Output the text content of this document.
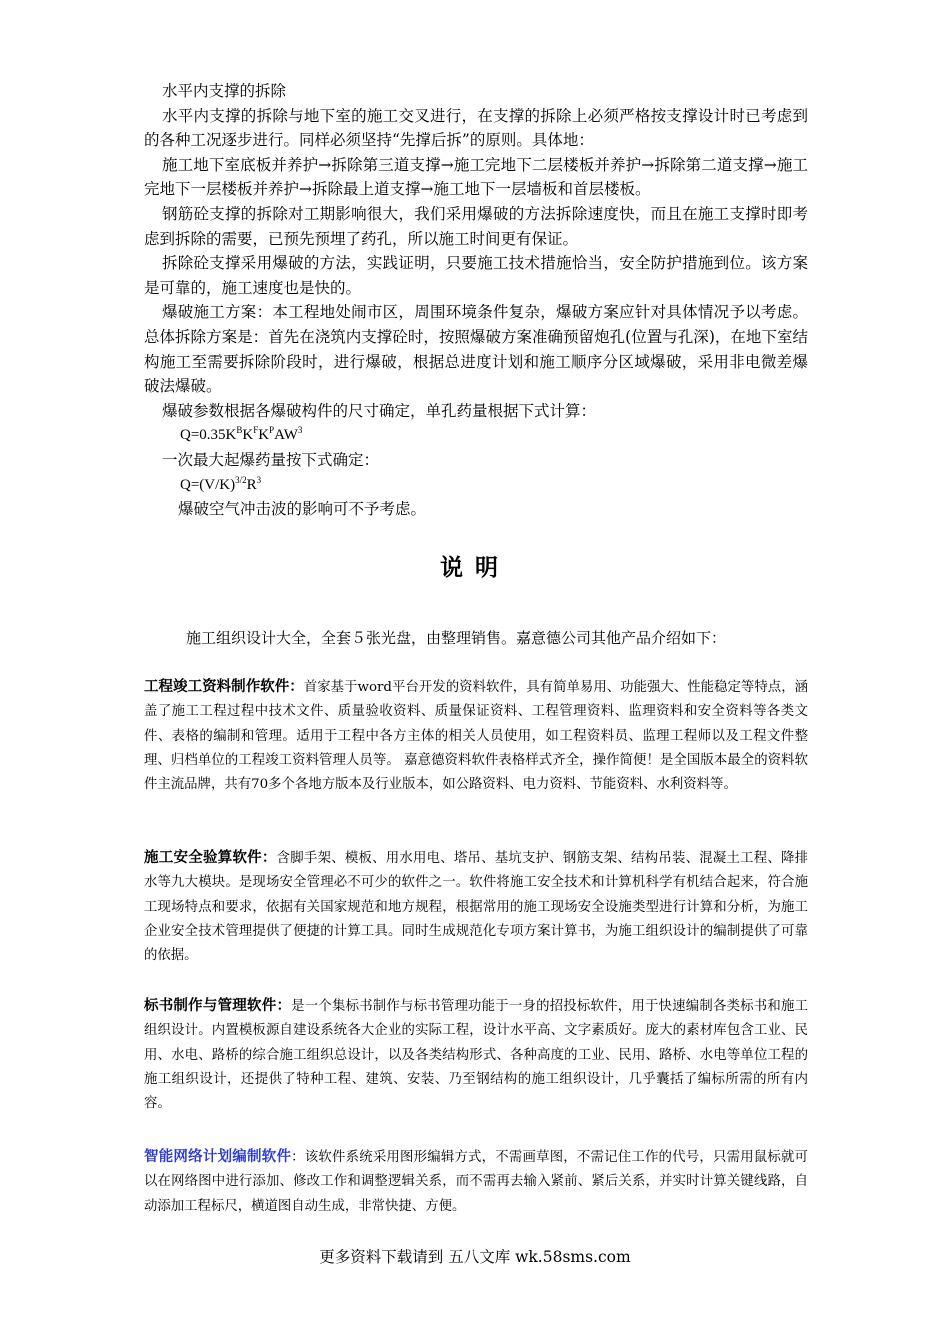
水平内支撑的拆除

水平内支撑的拆除与地下室的施工交叉进行，在支撑的拆除上必须严格按支撑设计时已考虑到的各种工况逐步进行。同样必须坚持“先撑后拆”的原则。具体地：

施工地下室底板并养护→拆除第三道支撑→施工完地下二层楼板并养护→拆除第二道支撑→施工完地下一层楼板并养护→拆除最上道支撑→施工地下一层墙板和首层楼板。

钢筋砼支撑的拆除对工期影响很大，我们采用爆破的方法拆除速度快，而且在施工支撑时即考虑到拆除的需要，已预先预埋了药孔，所以施工时间更有保证。

拆除砼支撑采用爆破的方法，实践证明，只要施工技术措施恰当，安全防护措施到位。该方案是可靠的，施工速度也是快的。

爆破施工方案：本工程地处闹市区，周围环境条件复杂，爆破方案应针对具体情况予以考虑。总体拆除方案是：首先在浇筑内支撑砼时，按照爆破方案准确预留炮孔(位置与孔深)，在地下室结构施工至需要拆除阶段时，进行爆破，根据总进度计划和施工顺序分区域爆破，采用非电微差爆破法爆破。

爆破参数根据各爆破构件的尺寸确定，单孔药量根据下式计算：

$Q=0.35K^BK^FK^PAW^3$

一次最大起爆药量按下式确定：

$Q=(V/K)^{3/2}R^3$

爆破空气冲击波的影响可不予考虑。

说明
施工组织设计大全，全套５张光盘，由整理销售。嘉意德公司其他产品介绍如下：

工程竣工资料制作软件：首家基于word平台开发的资料软件，具有简单易用、功能强大、性能稳定等特点，涵盖了施工工程过程中技术文件、质量验收资料、质量保证资料、工程管理资料、监理资料和安全资料等各类文件、表格的编制和管理。适用于工程中各方主体的相关人员使用，如工程资料员、监理工程师以及工程文件整理、归档单位的工程竣工资料管理人员等。 嘉意德资料软件表格样式齐全，操作简便！是全国版本最全的资料软件主流品牌，共有70多个各地方版本及行业版本，如公路资料、电力资料、节能资料、水利资料等。

施工安全验算软件：含脚手架、模板、用水用电、塔吊、基坑支护、钢筋支架、结构吊装、混凝土工程、降排水等九大模块。是现场安全管理必不可少的软件之一。软件将施工安全技术和计算机科学有机结合起来，符合施工现场特点和要求，依据有关国家规范和地方规程，根据常用的施工现场安全设施类型进行计算和分析，为施工企业安全技术管理提供了便捷的计算工具。同时生成规范化专项方案计算书，为施工组织设计的编制提供了可靠的依据。

标书制作与管理软件：是一个集标书制作与标书管理功能于一身的招投标软件，用于快速编制各类标书和施工组织设计。内置模板源自建设系统各大企业的实际工程，设计水平高、文字素质好。庞大的素材库包含工业、民用、水电、路桥的综合施工组织总设计，以及各类结构形式、各种高度的工业、民用、路桥、水电等单位工程的施工组织设计，还提供了特种工程、建筑、安装、乃至钢结构的施工组织设计，几乎囊括了编标所需的所有内容。

智能网络计划编制软件：该软件系统采用图形编辑方式，不需画草图，不需记住工作的代号，只需用鼠标就可以在网络图中进行添加、修改工作和调整逻辑关系，而不需再去输入紧前、紧后关系，并实时计算关键线路，自动添加工程标尺，横道图自动生成，非常快捷、方便。

更多资料下载请到 五八文库 wk.58sms.com
